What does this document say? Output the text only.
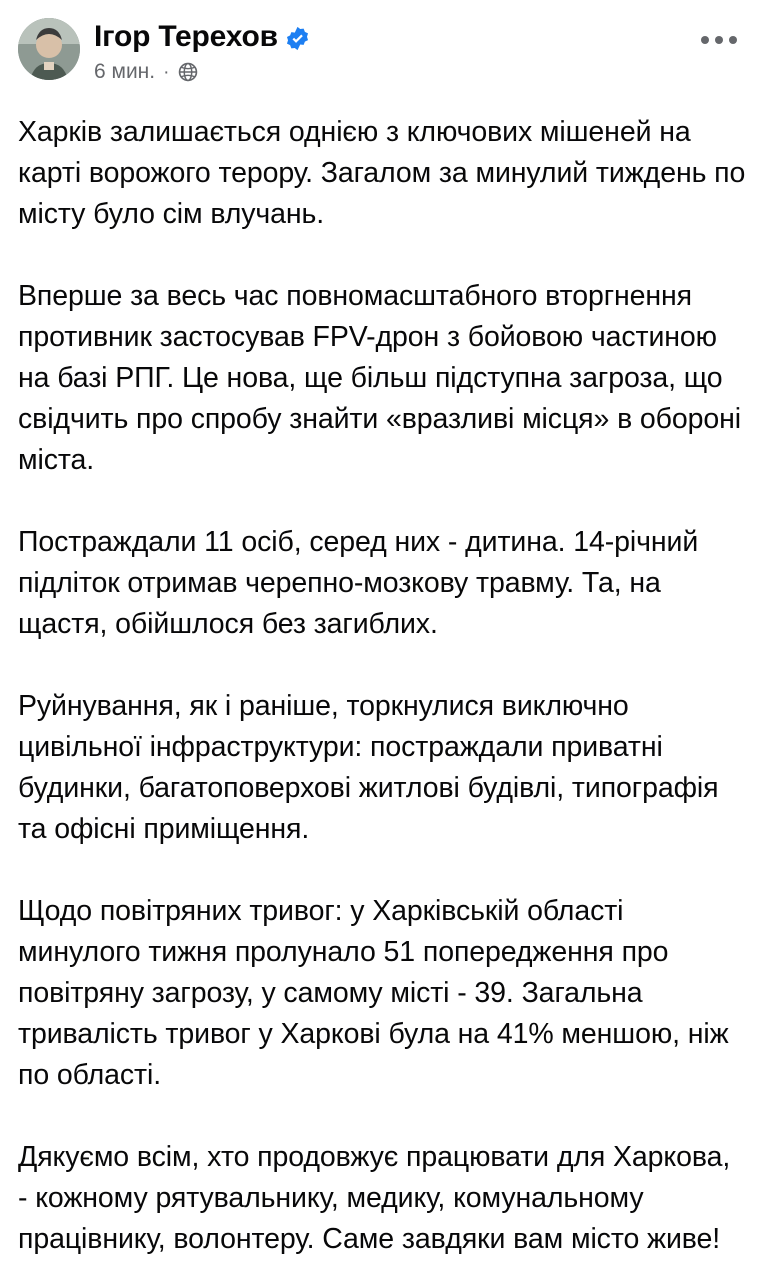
Ігор Терехов
6 мин. ·

Харків залишається однією з ключових мішеней на карті ворожого терору. Загалом за минулий тиждень по місту було сім влучань.

Вперше за весь час повномасштабного вторгнення противник застосував FPV-дрон з бойовою частиною на базі РПГ. Це нова, ще більш підступна загроза, що свідчить про спробу знайти «вразливі місця» в обороні міста.

Постраждали 11 осіб, серед них - дитина. 14-річний підліток отримав черепно-мозкову травму. Та, на щастя, обійшлося без загиблих.

Руйнування, як і раніше, торкнулися виключно цивільної інфраструктури: постраждали приватні будинки, багатоповерхові житлові будівлі, типографія та офісні приміщення.

Щодо повітряних тривог: у Харківській області минулого тижня пролунало 51 попередження про повітряну загрозу, у самому місті - 39. Загальна тривалість тривог у Харкові була на 41% меншою, ніж по області.

Дякуємо всім, хто продовжує працювати для Харкова, - кожному рятувальнику, медику, комунальному працівнику, волонтеру. Саме завдяки вам місто живе!
